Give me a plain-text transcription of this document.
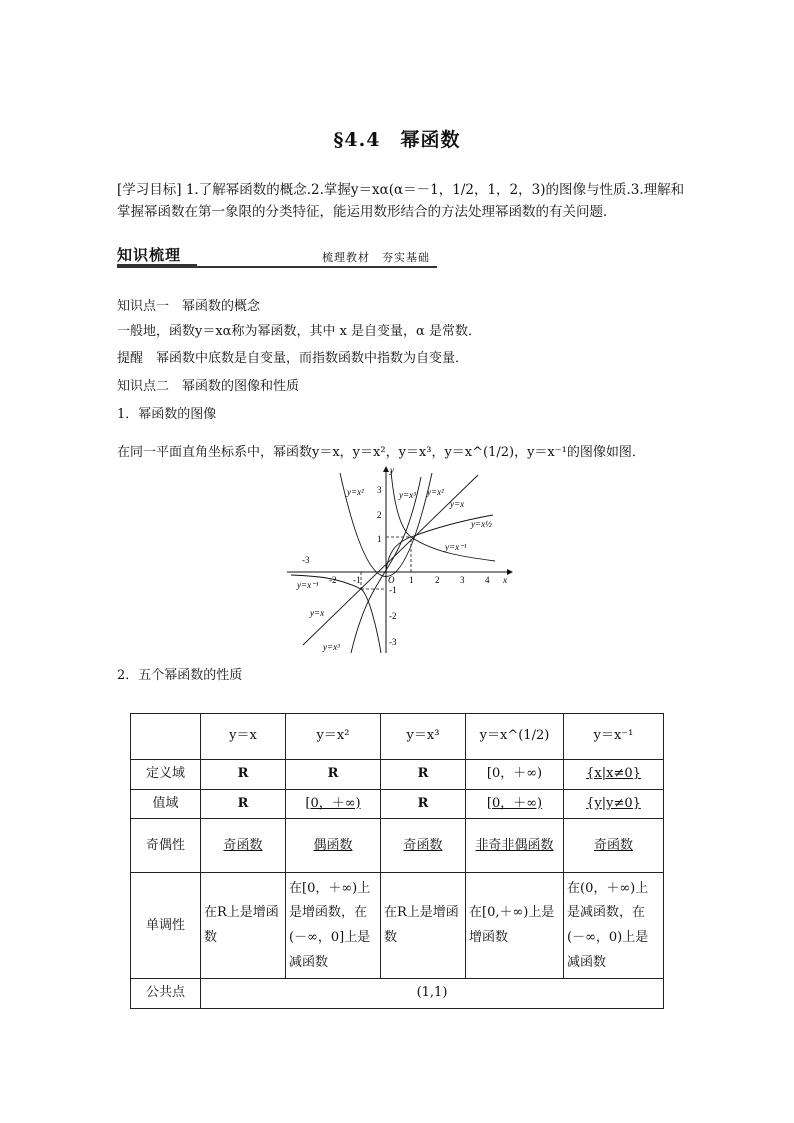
§4.4　幂函数
[学习目标] 1.了解幂函数的概念.2.掌握y＝xα(α＝－1，1/2，1，2，3)的图像与性质.3.理解和
掌握幂函数在第一象限的分类特征，能运用数形结合的方法处理幂函数的有关问题．
知识梳理	梳理教材　夯实基础
知识点一　幂函数的概念
一般地，函数y＝xα称为幂函数，其中 x 是自变量，α 是常数．
提醒　幂函数中底数是自变量，而指数函数中指数为自变量．
知识点二　幂函数的图像和性质
1．幂函数的图像
在同一平面直角坐标系中，幂函数y＝x，y＝x²，y＝x³，y＝x^(1/2)，y＝x⁻¹的图像如图．
x
y
-3
-2 -1	O 1 2 3 4
3
2
1
-1
-2
-3
y=x²	y=x³ y=x²
y=x
y=x½
y=x⁻¹
y=x⁻¹
y=x
y=x³
2．五个幂函数的性质
	y＝x	y＝x²	y＝x³	y＝x^(1/2)	y＝x⁻¹
定义域	R	R	R	[0，＋∞)	{x|x≠0}
值域	R	[0，＋∞)	R	[0，＋∞)	{y|y≠0}
奇偶性	奇函数	偶函数	奇函数	非奇非偶函数	奇函数
单调性	在R上是增函数	在[0，＋∞)上是增函数，在(－∞，0]上是减函数	在R上是增函数	在[0,＋∞)上是增函数	在(0，＋∞)上是减函数，在(－∞，0)上是减函数
公共点	(1,1)				
